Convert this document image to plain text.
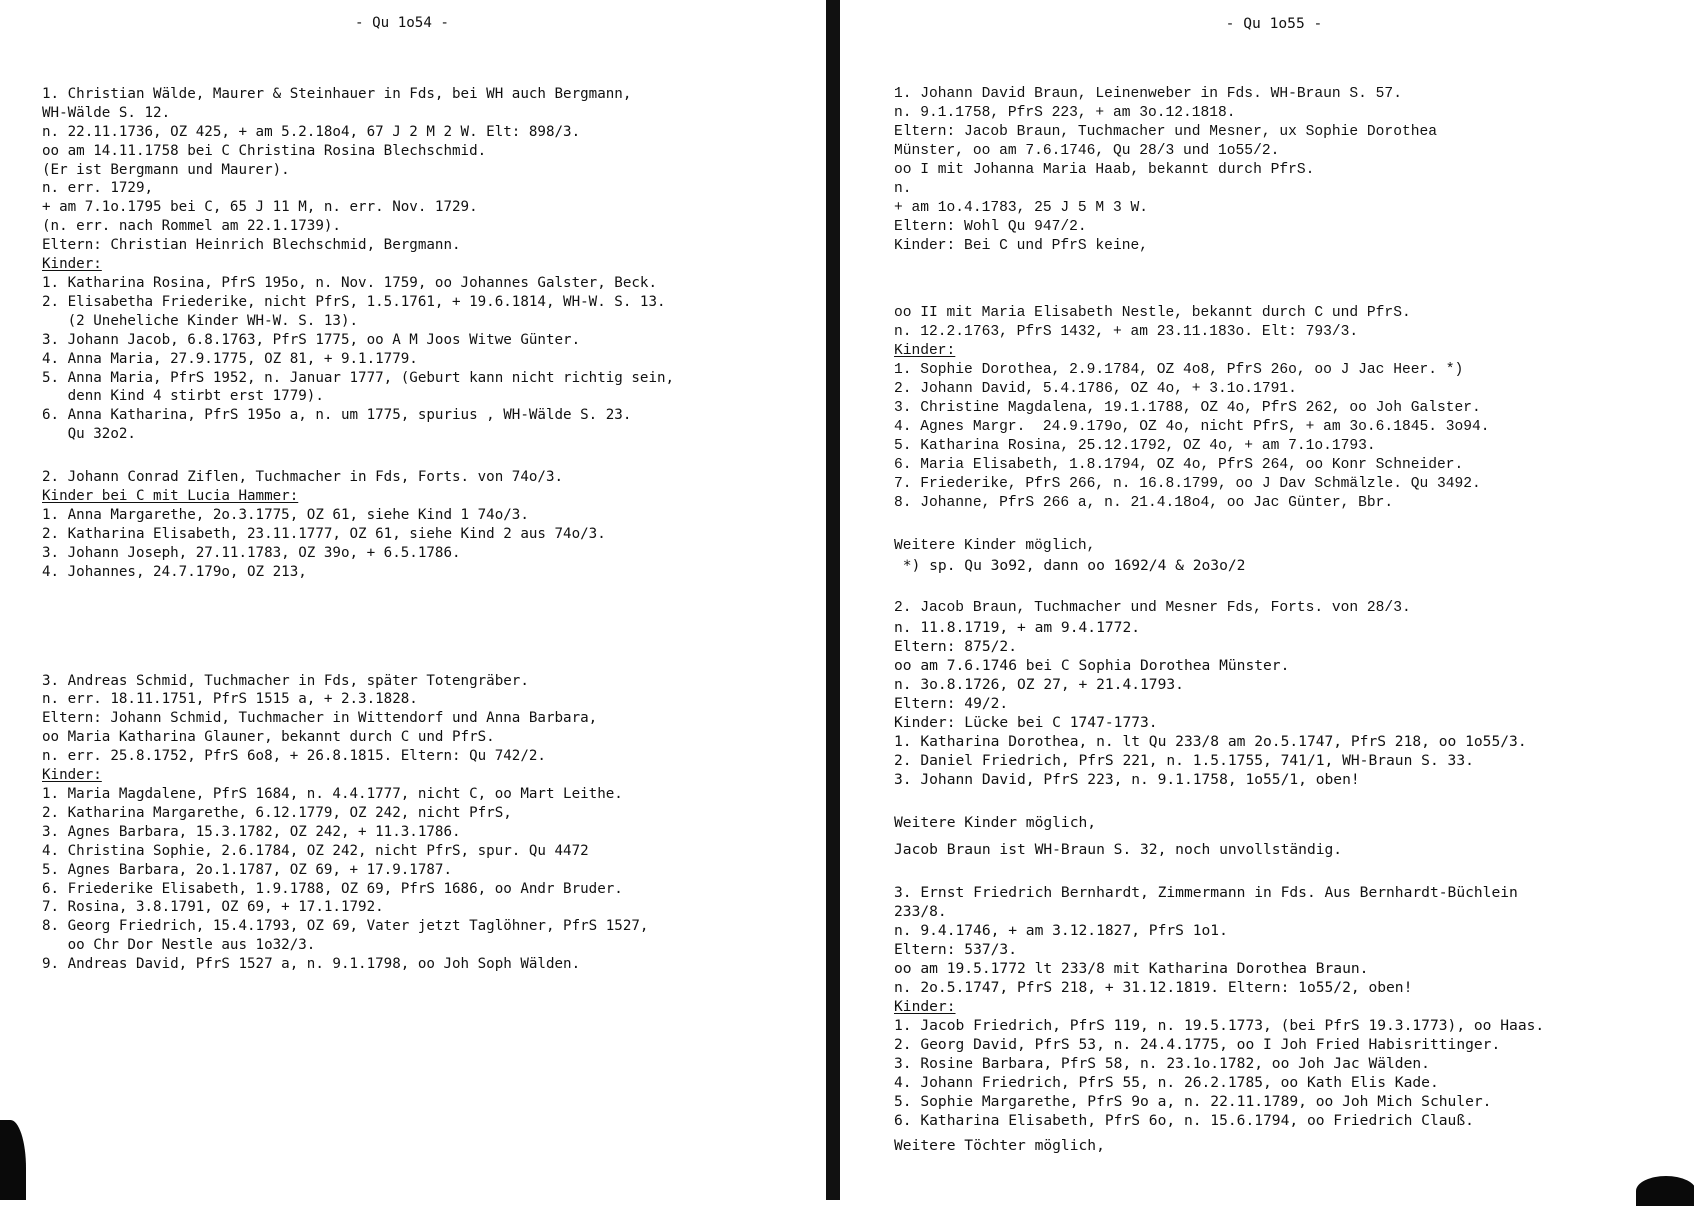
- Qu 1o54 -
1. Christian Wälde, Maurer & Steinhauer in Fds, bei WH auch Bergmann,
WH-Wälde S. 12.
n. 22.11.1736, OZ 425, + am 5.2.18o4, 67 J 2 M 2 W. Elt: 898/3.
oo am 14.11.1758 bei C Christina Rosina Blechschmid.
(Er ist Bergmann und Maurer).
n. err. 1729,
+ am 7.1o.1795 bei C, 65 J 11 M, n. err. Nov. 1729.
(n. err. nach Rommel am 22.1.1739).
Eltern: Christian Heinrich Blechschmid, Bergmann.
Kinder:
1. Katharina Rosina, PfrS 195o, n. Nov. 1759, oo Johannes Galster, Beck.
2. Elisabetha Friederike, nicht PfrS, 1.5.1761, + 19.6.1814, WH-W. S. 13.
(2 Uneheliche Kinder WH-W. S. 13).
3. Johann Jacob, 6.8.1763, PfrS 1775, oo A M Joos Witwe Günter.
4. Anna Maria, 27.9.1775, OZ 81, + 9.1.1779.
5. Anna Maria, PfrS 1952, n. Januar 1777, (Geburt kann nicht richtig sein,
denn Kind 4 stirbt erst 1779).
6. Anna Katharina, PfrS 195o a, n. um 1775, spurius , WH-Wälde S. 23.
Qu 32o2.
2. Johann Conrad Ziflen, Tuchmacher in Fds, Forts. von 74o/3.
Kinder bei C mit Lucia Hammer:
1. Anna Margarethe, 2o.3.1775, OZ 61, siehe Kind 1 74o/3.
2. Katharina Elisabeth, 23.11.1777, OZ 61, siehe Kind 2 aus 74o/3.
3. Johann Joseph, 27.11.1783, OZ 39o, + 6.5.1786.
4. Johannes, 24.7.179o, OZ 213,
3. Andreas Schmid, Tuchmacher in Fds, später Totengräber.
n. err. 18.11.1751, PfrS 1515 a, + 2.3.1828.
Eltern: Johann Schmid, Tuchmacher in Wittendorf und Anna Barbara,
oo Maria Katharina Glauner, bekannt durch C und PfrS.
n. err. 25.8.1752, PfrS 6o8, + 26.8.1815. Eltern: Qu 742/2.
Kinder:
1. Maria Magdalene, PfrS 1684, n. 4.4.1777, nicht C, oo Mart Leithe.
2. Katharina Margarethe, 6.12.1779, OZ 242, nicht PfrS,
3. Agnes Barbara, 15.3.1782, OZ 242, + 11.3.1786.
4. Christina Sophie, 2.6.1784, OZ 242, nicht PfrS, spur. Qu 4472
5. Agnes Barbara, 2o.1.1787, OZ 69, + 17.9.1787.
6. Friederike Elisabeth, 1.9.1788, OZ 69, PfrS 1686, oo Andr Bruder.
7. Rosina, 3.8.1791, OZ 69, + 17.1.1792.
8. Georg Friedrich, 15.4.1793, OZ 69, Vater jetzt Taglöhner, PfrS 1527,
oo Chr Dor Nestle aus 1o32/3.
9. Andreas David, PfrS 1527 a, n. 9.1.1798, oo Joh Soph Wälden.
- Qu 1o55 -
1. Johann David Braun, Leinenweber in Fds. WH-Braun S. 57.
n. 9.1.1758, PfrS 223, + am 3o.12.1818.
Eltern: Jacob Braun, Tuchmacher und Mesner, ux Sophie Dorothea
Münster, oo am 7.6.1746, Qu 28/3 und 1o55/2.
oo I mit Johanna Maria Haab, bekannt durch PfrS.
n.
+ am 1o.4.1783, 25 J 5 M 3 W.
Eltern: Wohl Qu 947/2.
Kinder: Bei C und PfrS keine,
oo II mit Maria Elisabeth Nestle, bekannt durch C und PfrS.
n. 12.2.1763, PfrS 1432, + am 23.11.183o. Elt: 793/3.
Kinder:
1. Sophie Dorothea, 2.9.1784, OZ 4o8, PfrS 26o, oo J Jac Heer. *)
2. Johann David, 5.4.1786, OZ 4o, + 3.1o.1791.
3. Christine Magdalena, 19.1.1788, OZ 4o, PfrS 262, oo Joh Galster.
4. Agnes Margr.  24.9.179o, OZ 4o, nicht PfrS, + am 3o.6.1845. 3o94.
5. Katharina Rosina, 25.12.1792, OZ 4o, + am 7.1o.1793.
6. Maria Elisabeth, 1.8.1794, OZ 4o, PfrS 264, oo Konr Schneider.
7. Friederike, PfrS 266, n. 16.8.1799, oo J Dav Schmälzle. Qu 3492.
8. Johanne, PfrS 266 a, n. 21.4.18o4, oo Jac Günter, Bbr.
Weitere Kinder möglich,
*) sp. Qu 3o92, dann oo 1692/4 & 2o3o/2
2. Jacob Braun, Tuchmacher und Mesner Fds, Forts. von 28/3.
n. 11.8.1719, + am 9.4.1772.
Eltern: 875/2.
oo am 7.6.1746 bei C Sophia Dorothea Münster.
n. 3o.8.1726, OZ 27, + 21.4.1793.
Eltern: 49/2.
Kinder: Lücke bei C 1747-1773.
1. Katharina Dorothea, n. lt Qu 233/8 am 2o.5.1747, PfrS 218, oo 1o55/3.
2. Daniel Friedrich, PfrS 221, n. 1.5.1755, 741/1, WH-Braun S. 33.
3. Johann David, PfrS 223, n. 9.1.1758, 1o55/1, oben!
Weitere Kinder möglich,
Jacob Braun ist WH-Braun S. 32, noch unvollständig.
3. Ernst Friedrich Bernhardt, Zimmermann in Fds. Aus Bernhardt-Büchlein
233/8.
n. 9.4.1746, + am 3.12.1827, PfrS 1o1.
Eltern: 537/3.
oo am 19.5.1772 lt 233/8 mit Katharina Dorothea Braun.
n. 2o.5.1747, PfrS 218, + 31.12.1819. Eltern: 1o55/2, oben!
Kinder:
1. Jacob Friedrich, PfrS 119, n. 19.5.1773, (bei PfrS 19.3.1773), oo Haas.
2. Georg David, PfrS 53, n. 24.4.1775, oo I Joh Fried Habisrittinger.
3. Rosine Barbara, PfrS 58, n. 23.1o.1782, oo Joh Jac Wälden.
4. Johann Friedrich, PfrS 55, n. 26.2.1785, oo Kath Elis Kade.
5. Sophie Margarethe, PfrS 9o a, n. 22.11.1789, oo Joh Mich Schuler.
6. Katharina Elisabeth, PfrS 6o, n. 15.6.1794, oo Friedrich Clauß.
Weitere Töchter möglich,
